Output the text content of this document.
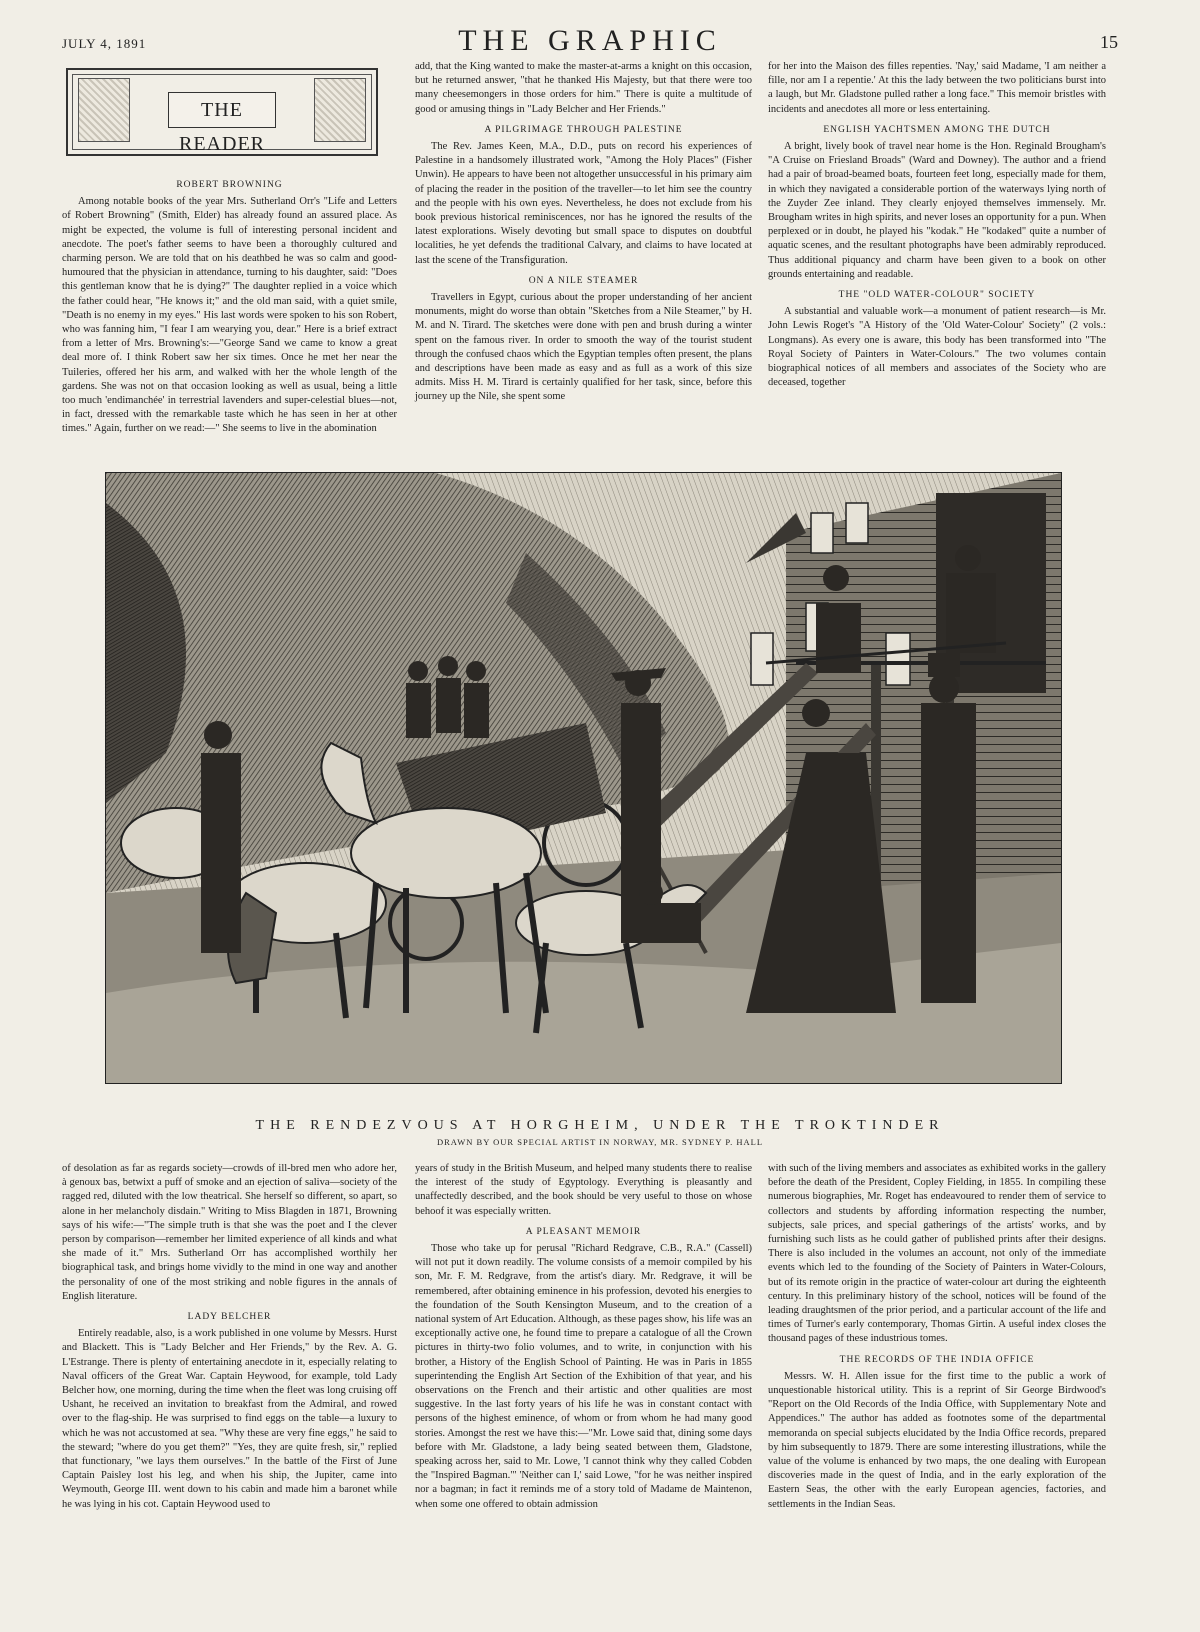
JULY 4, 1891	THE GRAPHIC	15
THE READER
ROBERT BROWNING

Among notable books of the year Mrs. Sutherland Orr's "Life and Letters of Robert Browning" (Smith, Elder) has already found an assured place. As might be expected, the volume is full of interesting personal incident and anecdote. The poet's father seems to have been a thoroughly cultured and charming person. We are told that on his deathbed he was so calm and good-humoured that the physician in attendance, turning to his daughter, said: "Does this gentleman know that he is dying?" The daughter replied in a voice which the father could hear, "He knows it;" and the old man said, with a quiet smile, "Death is no enemy in my eyes." His last words were spoken to his son Robert, who was fanning him, "I fear I am wearying you, dear." Here is a brief extract from a letter of Mrs. Browning's:—"George Sand we came to know a great deal more of. I think Robert saw her six times. Once he met her near the Tuileries, offered her his arm, and walked with her the whole length of the gardens. She was not on that occasion looking as well as usual, being a little too much 'endimanchée' in terrestrial lavenders and super-celestial blues—not, in fact, dressed with the remarkable taste which he has seen in her at other times." Again, further on we read:—" She seems to live in the abomination

add, that the King wanted to make the master-at-arms a knight on this occasion, but he returned answer, "that he thanked His Majesty, but that there were too many cheesemongers in those orders for him." There is quite a multitude of good or amusing things in "Lady Belcher and Her Friends."

A PILGRIMAGE THROUGH PALESTINE

The Rev. James Keen, M.A., D.D., puts on record his experiences of Palestine in a handsomely illustrated work, "Among the Holy Places" (Fisher Unwin). He appears to have been not altogether unsuccessful in his primary aim of placing the reader in the position of the traveller—to let him see the country and the people with his own eyes. Nevertheless, he does not exclude from his book previous historical reminiscences, nor has he ignored the results of the latest explorations. Wisely devoting but small space to disputes on doubtful localities, he yet defends the traditional Calvary, and claims to have located at last the scene of the Transfiguration.

ON A NILE STEAMER

Travellers in Egypt, curious about the proper understanding of her ancient monuments, might do worse than obtain "Sketches from a Nile Steamer," by H. M. and N. Tirard. The sketches were done with pen and brush during a winter spent on the famous river. In order to smooth the way of the tourist student through the confused chaos which the Egyptian temples often present, the plans and descriptions have been made as easy and as full as a work of this size admits. Miss H. M. Tirard is certainly qualified for her task, since, before this journey up the Nile, she spent some

for her into the Maison des filles repenties. 'Nay,' said Madame, 'I am neither a fille, nor am I a repentie.' At this the lady between the two politicians burst into a laugh, but Mr. Gladstone pulled rather a long face." This memoir bristles with incidents and anecdotes all more or less entertaining.

ENGLISH YACHTSMEN AMONG THE DUTCH

A bright, lively book of travel near home is the Hon. Reginald Brougham's "A Cruise on Friesland Broads" (Ward and Downey). The author and a friend had a pair of broad-beamed boats, fourteen feet long, especially made for them, in which they navigated a considerable portion of the waterways lying north of the Zuyder Zee inland. They clearly enjoyed themselves immensely. Mr. Brougham writes in high spirits, and never loses an opportunity for a pun. When perplexed or in doubt, he played his "kodak." He "kodaked" quite a number of aquatic scenes, and the resultant photographs have been admirably reproduced. Thus additional piquancy and charm have been given to a book on other grounds entertaining and readable.

THE "OLD WATER-COLOUR" SOCIETY

A substantial and valuable work—a monument of patient research—is Mr. John Lewis Roget's "A History of the 'Old Water-Colour' Society" (2 vols.: Longmans). As every one is aware, this body has been transformed into "The Royal Society of Painters in Water-Colours." The two volumes contain biographical notices of all members and associates of the Society who are deceased, together

THE RENDEZVOUS AT HORGHEIM, UNDER THE TROKTINDER
DRAWN BY OUR SPECIAL ARTIST IN NORWAY, MR. SYDNEY P. HALL

of desolation as far as regards society—crowds of ill-bred men who adore her, à genoux bas, betwixt a puff of smoke and an ejection of saliva—society of the ragged red, diluted with the low theatrical. She herself so different, so apart, so alone in her melancholy disdain." Writing to Miss Blagden in 1871, Browning says of his wife:—"The simple truth is that she was the poet and I the clever person by comparison—remember her limited experience of all kinds and what she made of it." Mrs. Sutherland Orr has accomplished worthily her biographical task, and brings home vividly to the mind in one way and another the personality of one of the most striking and noble figures in the annals of English literature.

LADY BELCHER

Entirely readable, also, is a work published in one volume by Messrs. Hurst and Blackett. This is "Lady Belcher and Her Friends," by the Rev. A. G. L'Estrange. There is plenty of entertaining anecdote in it, especially relating to Naval officers of the Great War. Captain Heywood, for example, told Lady Belcher how, one morning, during the time when the fleet was long cruising off Ushant, he received an invitation to breakfast from the Admiral, and rowed over to the flag-ship. He was surprised to find eggs on the table—a luxury to which he was not accustomed at sea. "Why these are very fine eggs," he said to the steward; "where do you get them?" "Yes, they are quite fresh, sir," replied that functionary, "we lays them ourselves." In the battle of the First of June Captain Paisley lost his leg, and when his ship, the Jupiter, came into Weymouth, George III. went down to his cabin and made him a baronet while he was lying in his cot. Captain Heywood used to

years of study in the British Museum, and helped many students there to realise the interest of the study of Egyptology. Everything is pleasantly and unaffectedly described, and the book should be very useful to those on whose behoof it was especially written.

A PLEASANT MEMOIR

Those who take up for perusal "Richard Redgrave, C.B., R.A." (Cassell) will not put it down readily. The volume consists of a memoir compiled by his son, Mr. F. M. Redgrave, from the artist's diary. Mr. Redgrave, it will be remembered, after obtaining eminence in his profession, devoted his energies to the foundation of the South Kensington Museum, and to the creation of a national system of Art Education. Although, as these pages show, his life was an exceptionally active one, he found time to prepare a catalogue of all the Crown pictures in thirty-two folio volumes, and to write, in conjunction with his brother, a History of the English School of Painting. He was in Paris in 1855 superintending the English Art Section of the Exhibition of that year, and his observations on the French and their artistic and other qualities are most suggestive. In the last forty years of his life he was in constant contact with persons of the highest eminence, of whom or from whom he had many good stories. Amongst the rest we have this:—"Mr. Lowe said that, dining some days before with Mr. Gladstone, a lady being seated between them, Gladstone, speaking across her, said to Mr. Lowe, 'I cannot think why they called Cobden the "Inspired Bagman."' 'Neither can I,' said Lowe, "for he was neither inspired nor a bagman; in fact it reminds me of a story told of Madame de Maintenon, when some one offered to obtain admission

with such of the living members and associates as exhibited works in the gallery before the death of the President, Copley Fielding, in 1855. In compiling these numerous biographies, Mr. Roget has endeavoured to render them of service to collectors and students by affording information respecting the number, subjects, sale prices, and special gatherings of the artists' works, and by furnishing such lists as he could gather of published prints after their designs. There is also included in the volumes an account, not only of the immediate events which led to the founding of the Society of Painters in Water-Colours, but of its remote origin in the practice of water-colour art during the eighteenth century. In this preliminary history of the school, notices will be found of the leading draughtsmen of the prior period, and a particular account of the life and times of Turner's early contemporary, Thomas Girtin. A useful index closes the thousand pages of these industrious tomes.

THE RECORDS OF THE INDIA OFFICE

Messrs. W. H. Allen issue for the first time to the public a work of unquestionable historical utility. This is a reprint of Sir George Birdwood's "Report on the Old Records of the India Office, with Supplementary Note and Appendices." The author has added as footnotes some of the departmental memoranda on special subjects elucidated by the India Office records, prepared by him subsequently to 1879. There are some interesting illustrations, while the value of the volume is enhanced by two maps, the one dealing with European discoveries made in the quest of India, and in the early exploration of the Eastern Seas, the other with the early European agencies, factories, and settlements in the Indian Seas.
